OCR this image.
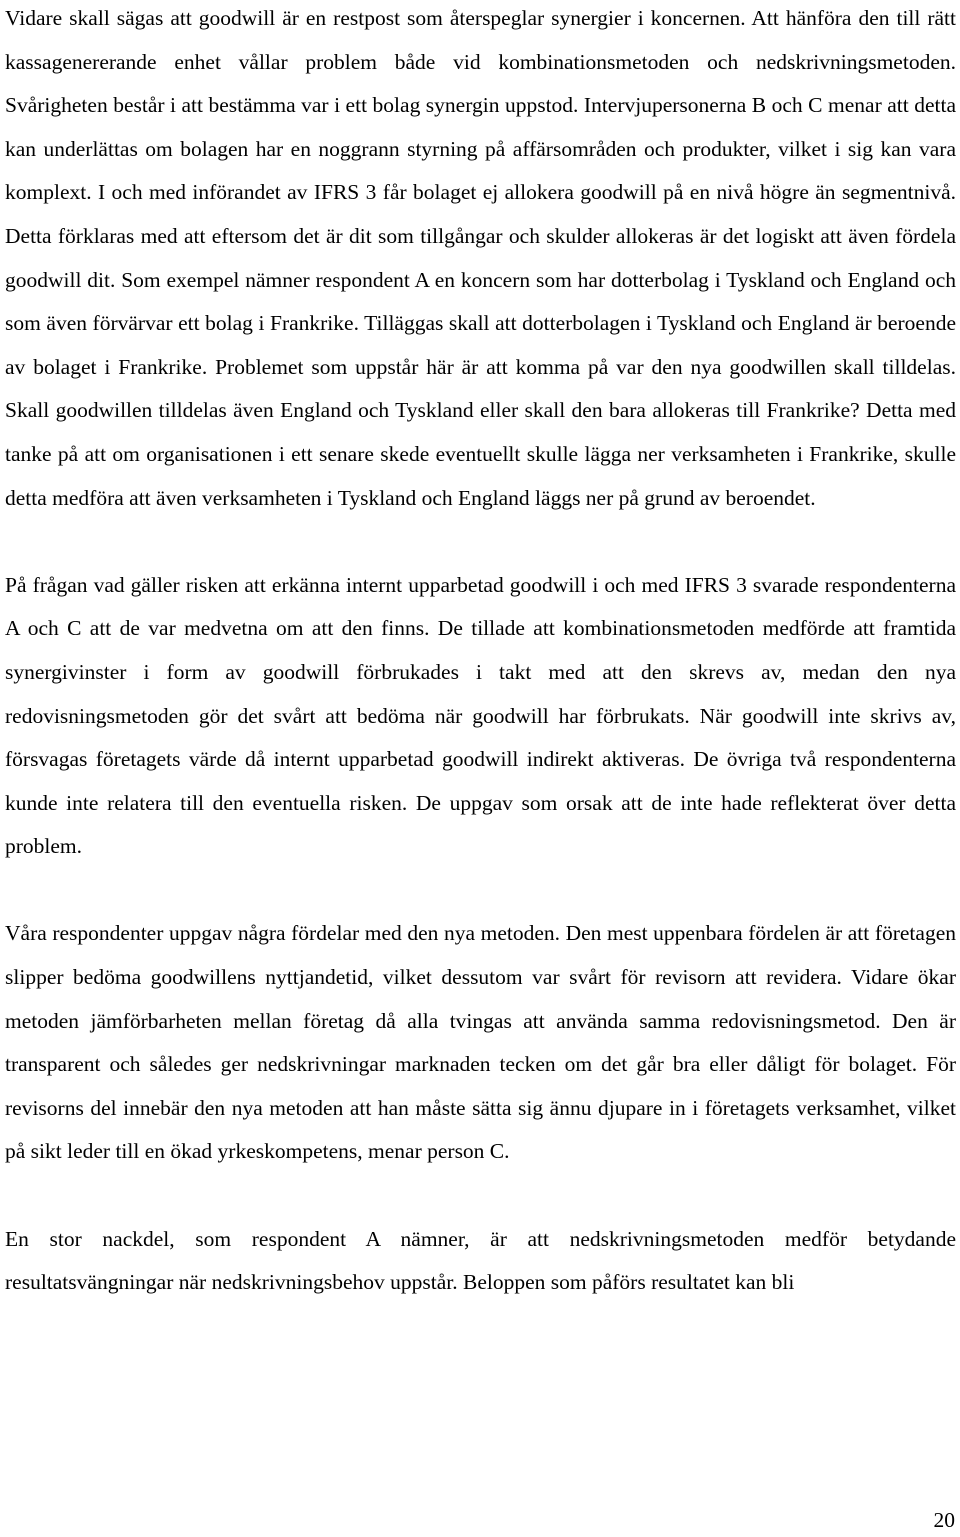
Vidare skall sägas att goodwill är en restpost som återspeglar synergier i koncernen. Att hänföra den till rätt kassagenererande enhet vållar problem både vid kombinationsmetoden och nedskrivningsmetoden. Svårigheten består i att bestämma var i ett bolag synergin uppstod. Intervjupersonerna B och C menar att detta kan underlättas om bolagen har en noggrann styrning på affärsområden och produkter, vilket i sig kan vara komplext. I och med införandet av IFRS 3 får bolaget ej allokera goodwill på en nivå högre än segmentnivå. Detta förklaras med att eftersom det är dit som tillgångar och skulder allokeras är det logiskt att även fördela goodwill dit. Som exempel nämner respondent A en koncern som har dotterbolag i Tyskland och England och som även förvärvar ett bolag i Frankrike. Tilläggas skall att dotterbolagen i Tyskland och England är beroende av bolaget i Frankrike. Problemet som uppstår här är att komma på var den nya goodwillen skall tilldelas. Skall goodwillen tilldelas även England och Tyskland eller skall den bara allokeras till Frankrike? Detta med tanke på att om organisationen i ett senare skede eventuellt skulle lägga ner verksamheten i Frankrike, skulle detta medföra att även verksamheten i Tyskland och England läggs ner på grund av beroendet.

På frågan vad gäller risken att erkänna internt upparbetad goodwill i och med IFRS 3 svarade respondenterna A och C att de var medvetna om att den finns. De tillade att kombinationsmetoden medförde att framtida synergivinster i form av goodwill förbrukades i takt med att den skrevs av, medan den nya redovisningsmetoden gör det svårt att bedöma när goodwill har förbrukats. När goodwill inte skrivs av, försvagas företagets värde då internt upparbetad goodwill indirekt aktiveras. De övriga två respondenterna kunde inte relatera till den eventuella risken. De uppgav som orsak att de inte hade reflekterat över detta problem.

Våra respondenter uppgav några fördelar med den nya metoden. Den mest uppenbara fördelen är att företagen slipper bedöma goodwillens nyttjandetid, vilket dessutom var svårt för revisorn att revidera. Vidare ökar metoden jämförbarheten mellan företag då alla tvingas att använda samma redovisningsmetod. Den är transparent och således ger nedskrivningar marknaden tecken om det går bra eller dåligt för bolaget. För revisorns del innebär den nya metoden att han måste sätta sig ännu djupare in i företagets verksamhet, vilket på sikt leder till en ökad yrkeskompetens, menar person C.

En stor nackdel, som respondent A nämner, är att nedskrivningsmetoden medför betydande resultatsvängningar när nedskrivningsbehov uppstår. Beloppen som påförs resultatet kan bli

20
